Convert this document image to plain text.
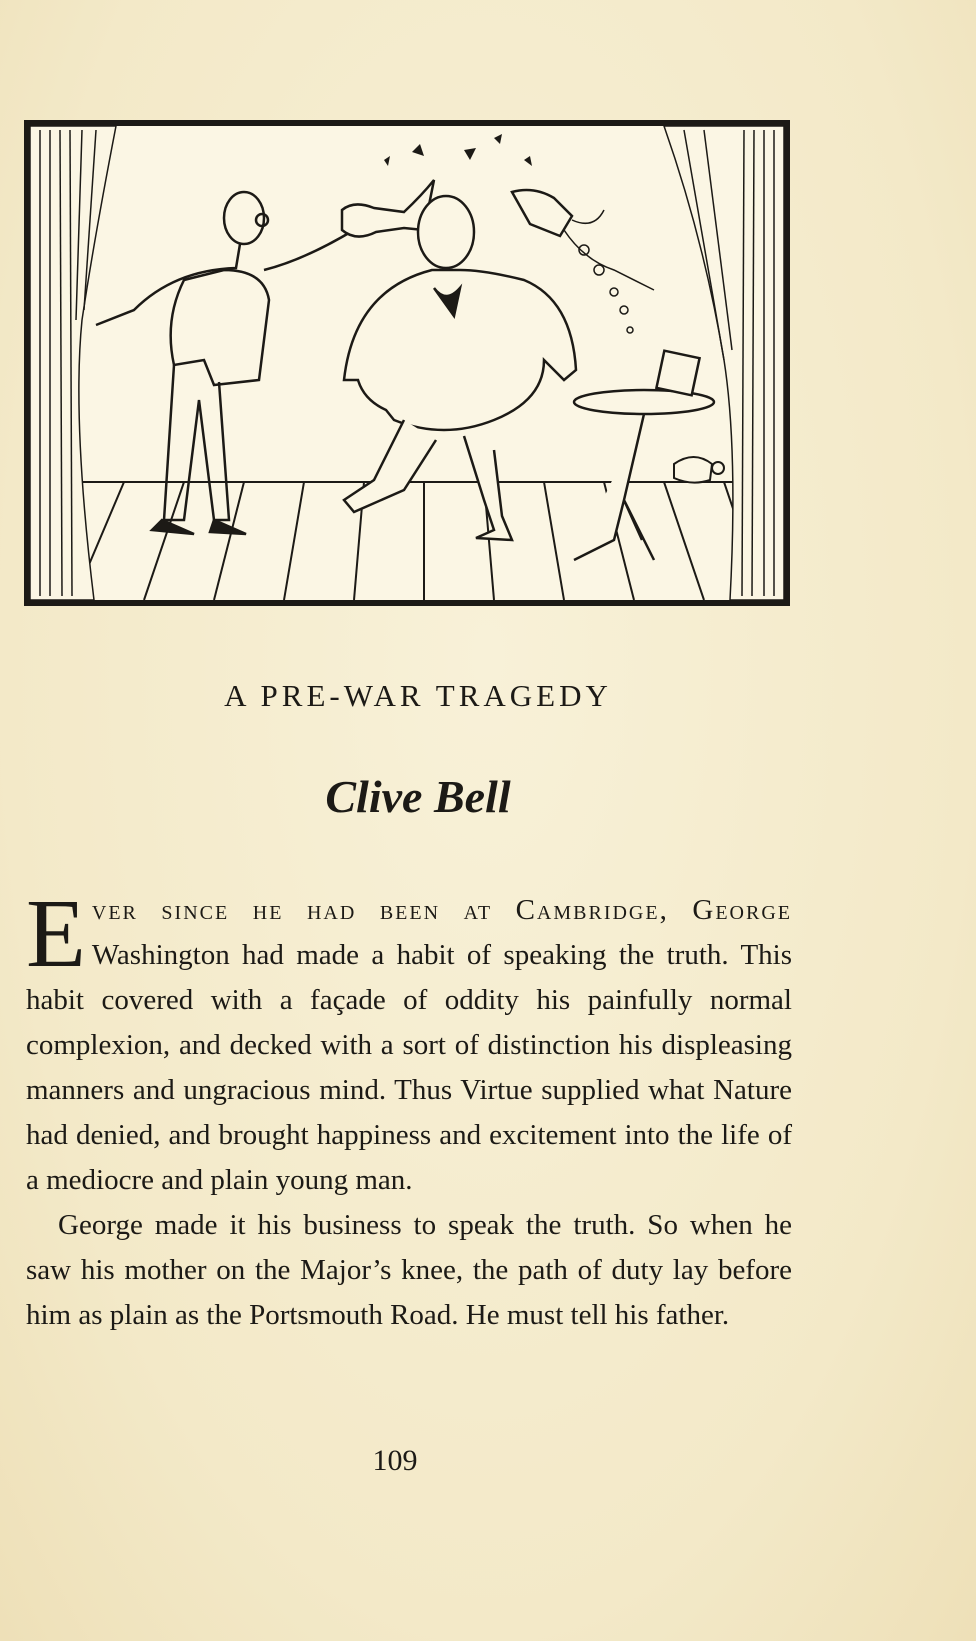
A PRE-WAR TRAGEDY
Clive Bell

Ever since he had been at Cambridge, George Washington had made a habit of speaking the truth. This habit covered with a façade of oddity his painfully normal complexion, and decked with a sort of distinction his displeasing manners and ungracious mind. Thus Virtue supplied what Nature had denied, and brought happiness and excitement into the life of a mediocre and plain young man.

George made it his business to speak the truth. So when he saw his mother on the Major’s knee, the path of duty lay before him as plain as the Portsmouth Road. He must tell his father.

109
